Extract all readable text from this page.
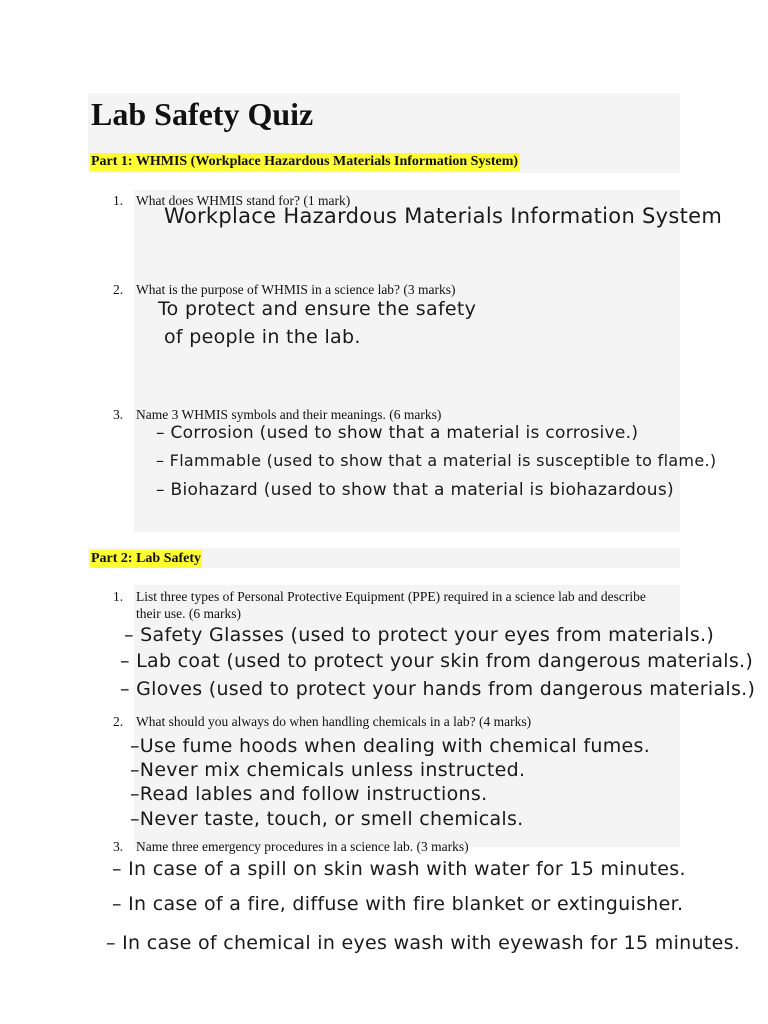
Lab Safety Quiz
Part 1: WHMIS (Workplace Hazardous Materials Information System)
1. What does WHMIS stand for? (1 mark)
Workplace Hazardous Materials Information System
2. What is the purpose of WHMIS in a science lab? (3 marks)
To protect and ensure the safety
of people in the lab.
3. Name 3 WHMIS symbols and their meanings. (6 marks)
– Corrosion (used to show that a material is corrosive.)
– Flammable (used to show that a material is susceptible to flame.)
– Biohazard (used to show that a material is biohazardous)
Part 2: Lab Safety
1. List three types of Personal Protective Equipment (PPE) required in a science lab and describe their use. (6 marks)
– Safety Glasses (used to protect your eyes from materials.)
– Lab coat (used to protect your skin from dangerous materials.)
– Gloves (used to protect your hands from dangerous materials.)
2. What should you always do when handling chemicals in a lab? (4 marks)
–Use fume hoods when dealing with chemical fumes.
–Never mix chemicals unless instructed.
–Read lables and follow instructions.
–Never taste, touch, or smell chemicals.
3. Name three emergency procedures in a science lab. (3 marks)
– In case of a spill on skin wash with water for 15 minutes.
– In case of a fire, diffuse with fire blanket or extinguisher.
– In case of chemical in eyes wash with eyewash for 15 minutes.
